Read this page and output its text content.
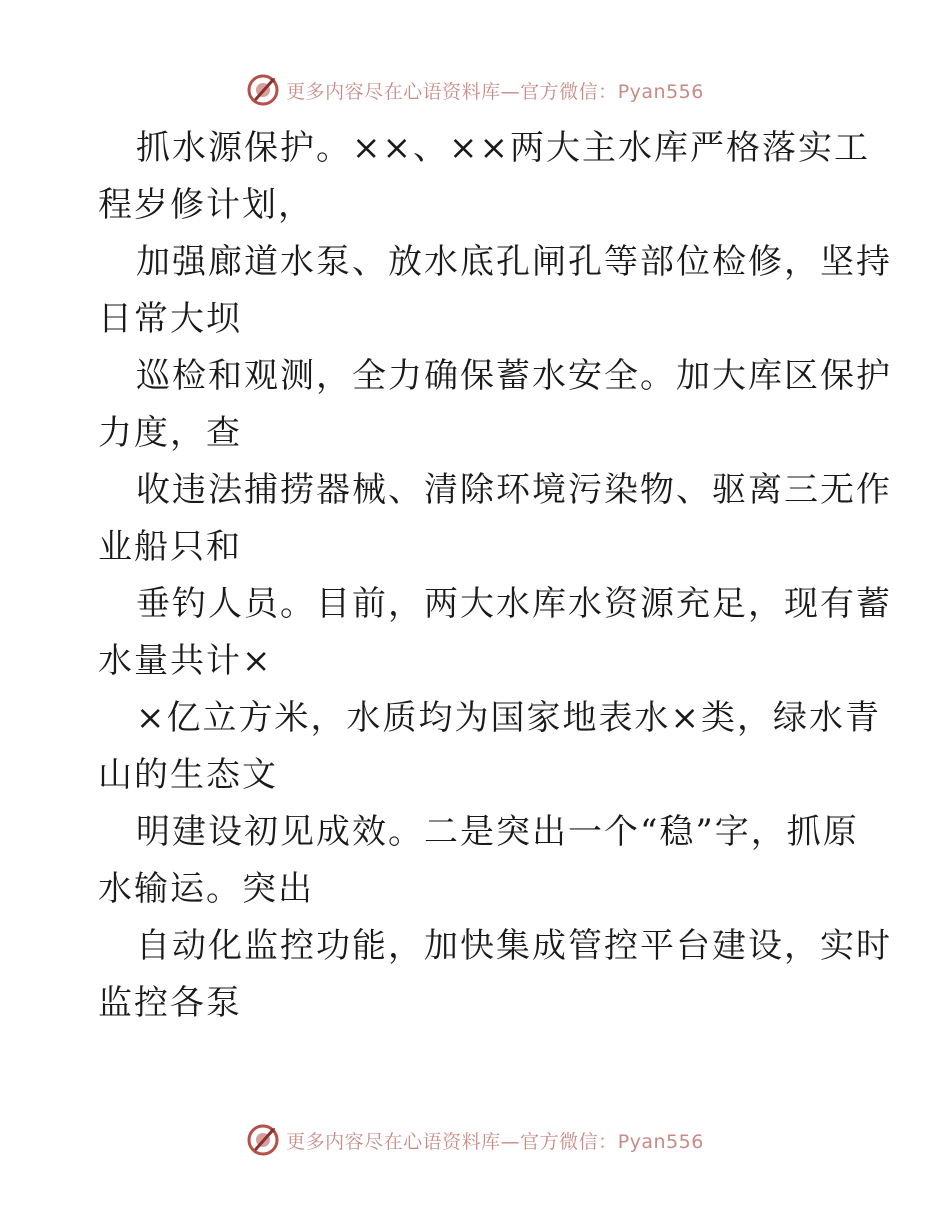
更多内容尽在心语资料库—官方微信：Pyan556

抓水源保护。××、××两大主水库严格落实工
程岁修计划，

加强廊道水泵、放水底孔闸孔等部位检修，坚持
日常大坝

巡检和观测，全力确保蓄水安全。加大库区保护
力度，查

收违法捕捞器械、清除环境污染物、驱离三无作
业船只和

垂钓人员。目前，两大水库水资源充足，现有蓄
水量共计×

×亿立方米，水质均为国家地表水×类，绿水青
山的生态文

明建设初见成效。二是突出一个“稳”字，抓原
水输运。突出

自动化监控功能，加快集成管控平台建设，实时
监控各泵

更多内容尽在心语资料库—官方微信：Pyan556
